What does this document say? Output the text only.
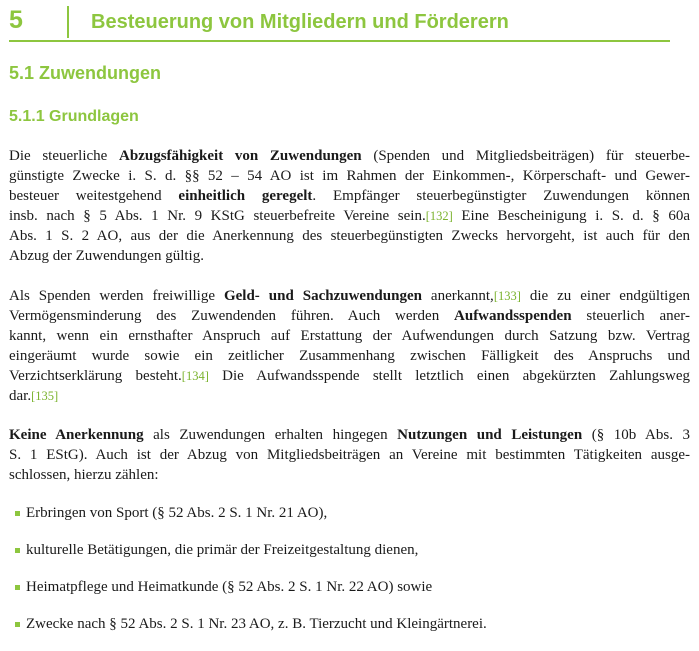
5	Besteuerung von Mitgliedern und Förderern
5.1 Zuwendungen
5.1.1 Grundlagen
Die steuerliche Abzugsfähigkeit von Zuwendungen (Spenden und Mitgliedsbeiträgen) für steuerbe-
günstigte Zwecke i. S. d. §§ 52 – 54 AO ist im Rahmen der Einkommen-, Körperschaft- und Gewer-
besteuer weitestgehend einheitlich geregelt. Empfänger steuerbegünstigter Zuwendungen können
insb. nach § 5 Abs. 1 Nr. 9 KStG steuerbefreite Vereine sein.[132] Eine Bescheinigung i. S. d. § 60a
Abs. 1 S. 2 AO, aus der die Anerkennung des steuerbegünstigten Zwecks hervorgeht, ist auch für den
Abzug der Zuwendungen gültig.
Als Spenden werden freiwillige Geld- und Sachzuwendungen anerkannt,[133] die zu einer endgültigen
Vermögensminderung des Zuwendenden führen. Auch werden Aufwandsspenden steuerlich aner-
kannt, wenn ein ernsthafter Anspruch auf Erstattung der Aufwendungen durch Satzung bzw. Vertrag
eingeräumt wurde sowie ein zeitlicher Zusammenhang zwischen Fälligkeit des Anspruchs und
Verzichtserklärung besteht.[134] Die Aufwandsspende stellt letztlich einen abgekürzten Zahlungsweg
dar.[135]
Keine Anerkennung als Zuwendungen erhalten hingegen Nutzungen und Leistungen (§ 10b Abs. 3
S. 1 EStG). Auch ist der Abzug von Mitgliedsbeiträgen an Vereine mit bestimmten Tätigkeiten ausge-
schlossen, hierzu zählen:
Erbringen von Sport (§ 52 Abs. 2 S. 1 Nr. 21 AO),
kulturelle Betätigungen, die primär der Freizeitgestaltung dienen,
Heimatpflege und Heimatkunde (§ 52 Abs. 2 S. 1 Nr. 22 AO) sowie
Zwecke nach § 52 Abs. 2 S. 1 Nr. 23 AO, z. B. Tierzucht und Kleingärtnerei.
